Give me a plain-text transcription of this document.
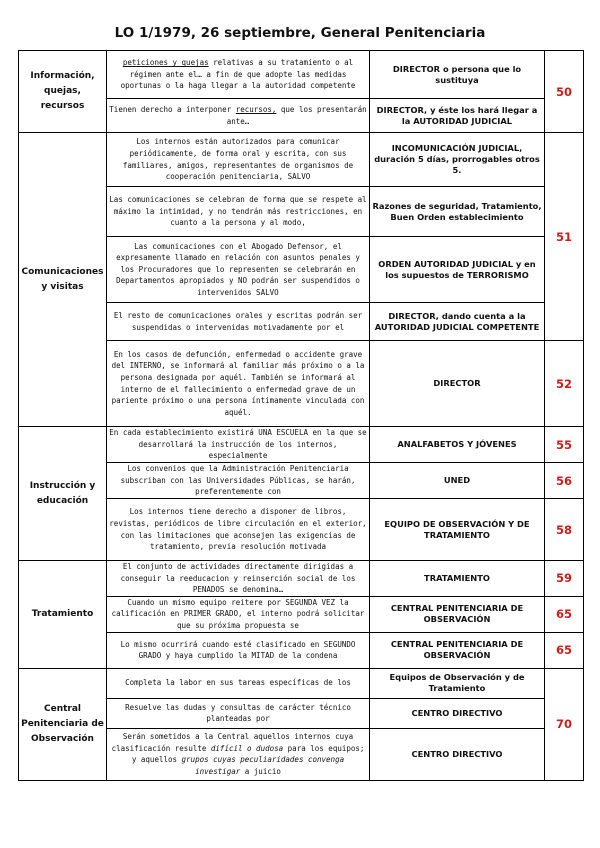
LO 1/1979, 26 septiembre, General Penitenciaria
Información, quejas, recursos	peticiones y quejas relativas a su tratamiento o al régimen ante el… a fin de que adopte las medidas oportunas o la haga llegar a la autoridad competente	DIRECTOR o persona que lo sustituya	50
	Tienen derecho a interponer recursos, que los presentarán ante…	DIRECTOR, y éste los hará llegar a la AUTORIDAD JUDICIAL	
Comunicaciones y visitas	Los internos están autorizados para comunicar periódicamente, de forma oral y escrita, con sus familiares, amigos, representantes de organismos de cooperación penitenciaria, SALVO	INCOMUNICACIÓN JUDICIAL, duración 5 días, prorrogables otros 5.	51
	Las comunicaciones se celebran de forma que se respete al máximo la intimidad, y no tendrán más restricciones, en cuanto a la persona y al modo,	Razones de seguridad, Tratamiento, Buen Orden establecimiento	
	Las comunicaciones con el Abogado Defensor, el expresamente llamado en relación con asuntos penales y los Procuradores que lo representen se celebrarán en Departamentos apropiados y NO podrán ser suspendidos o intervenidos SALVO	ORDEN AUTORIDAD JUDICIAL y en los supuestos de TERRORISMO	
	El resto de comunicaciones orales y escritas podrán ser suspendidas o intervenidas motivadamente por el	DIRECTOR, dando cuenta a la AUTORIDAD JUDICIAL COMPETENTE	
	En los casos de defunción, enfermedad o accidente grave del INTERNO, se informará al familiar más próximo o a la persona designada por aquél. También se informará al interno de el fallecimiento o enfermedad grave de un pariente próximo o una persona íntimamente vinculada con aquél.	DIRECTOR	52
Instrucción y educación	En cada establecimiento existirá UNA ESCUELA en la que se desarrollará la instrucción de los internos, especialmente	ANALFABETOS Y JÓVENES	55
	Los convenios que la Administración Penitenciaria subscriban con las Universidades Públicas, se harán, preferentemente con	UNED	56
	Los internos tiene derecho a disponer de libros, revistas, periódicos de libre circulación en el exterior, con las limitaciones que aconsejen las exigencias de tratamiento, previa resolución motivada	EQUIPO DE OBSERVACIÓN Y DE TRATAMIENTO	58
Tratamiento	El conjunto de actividades directamente dirigidas a conseguir la reeducacion y reinserción social de los PENADOS se denomina…	TRATAMIENTO	59
	Cuando un mismo equipo reitere por SEGUNDA VEZ la calificación en PRIMER GRADO, el interno podrá solicitar que su próxima propuesta se	CENTRAL PENITENCIARIA DE OBSERVACIÓN	65
	Lo mismo ocurrirá cuando esté clasificado en SEGUNDO GRADO y haya cumplido la MITAD de la condena	CENTRAL PENITENCIARIA DE OBSERVACIÓN	65
Central Penitenciaria de Observación	Completa la labor en sus tareas específicas de los	Equipos de Observación y de Tratamiento	70
	Resuelve las dudas y consultas de carácter técnico planteadas por	CENTRO DIRECTIVO	
	Serán sometidos a la Central aquellos internos cuya clasificación resulte difícil o dudosa para los equipos; y aquellos grupos cuyas peculiaridades convenga investigar a juicio	CENTRO DIRECTIVO	
